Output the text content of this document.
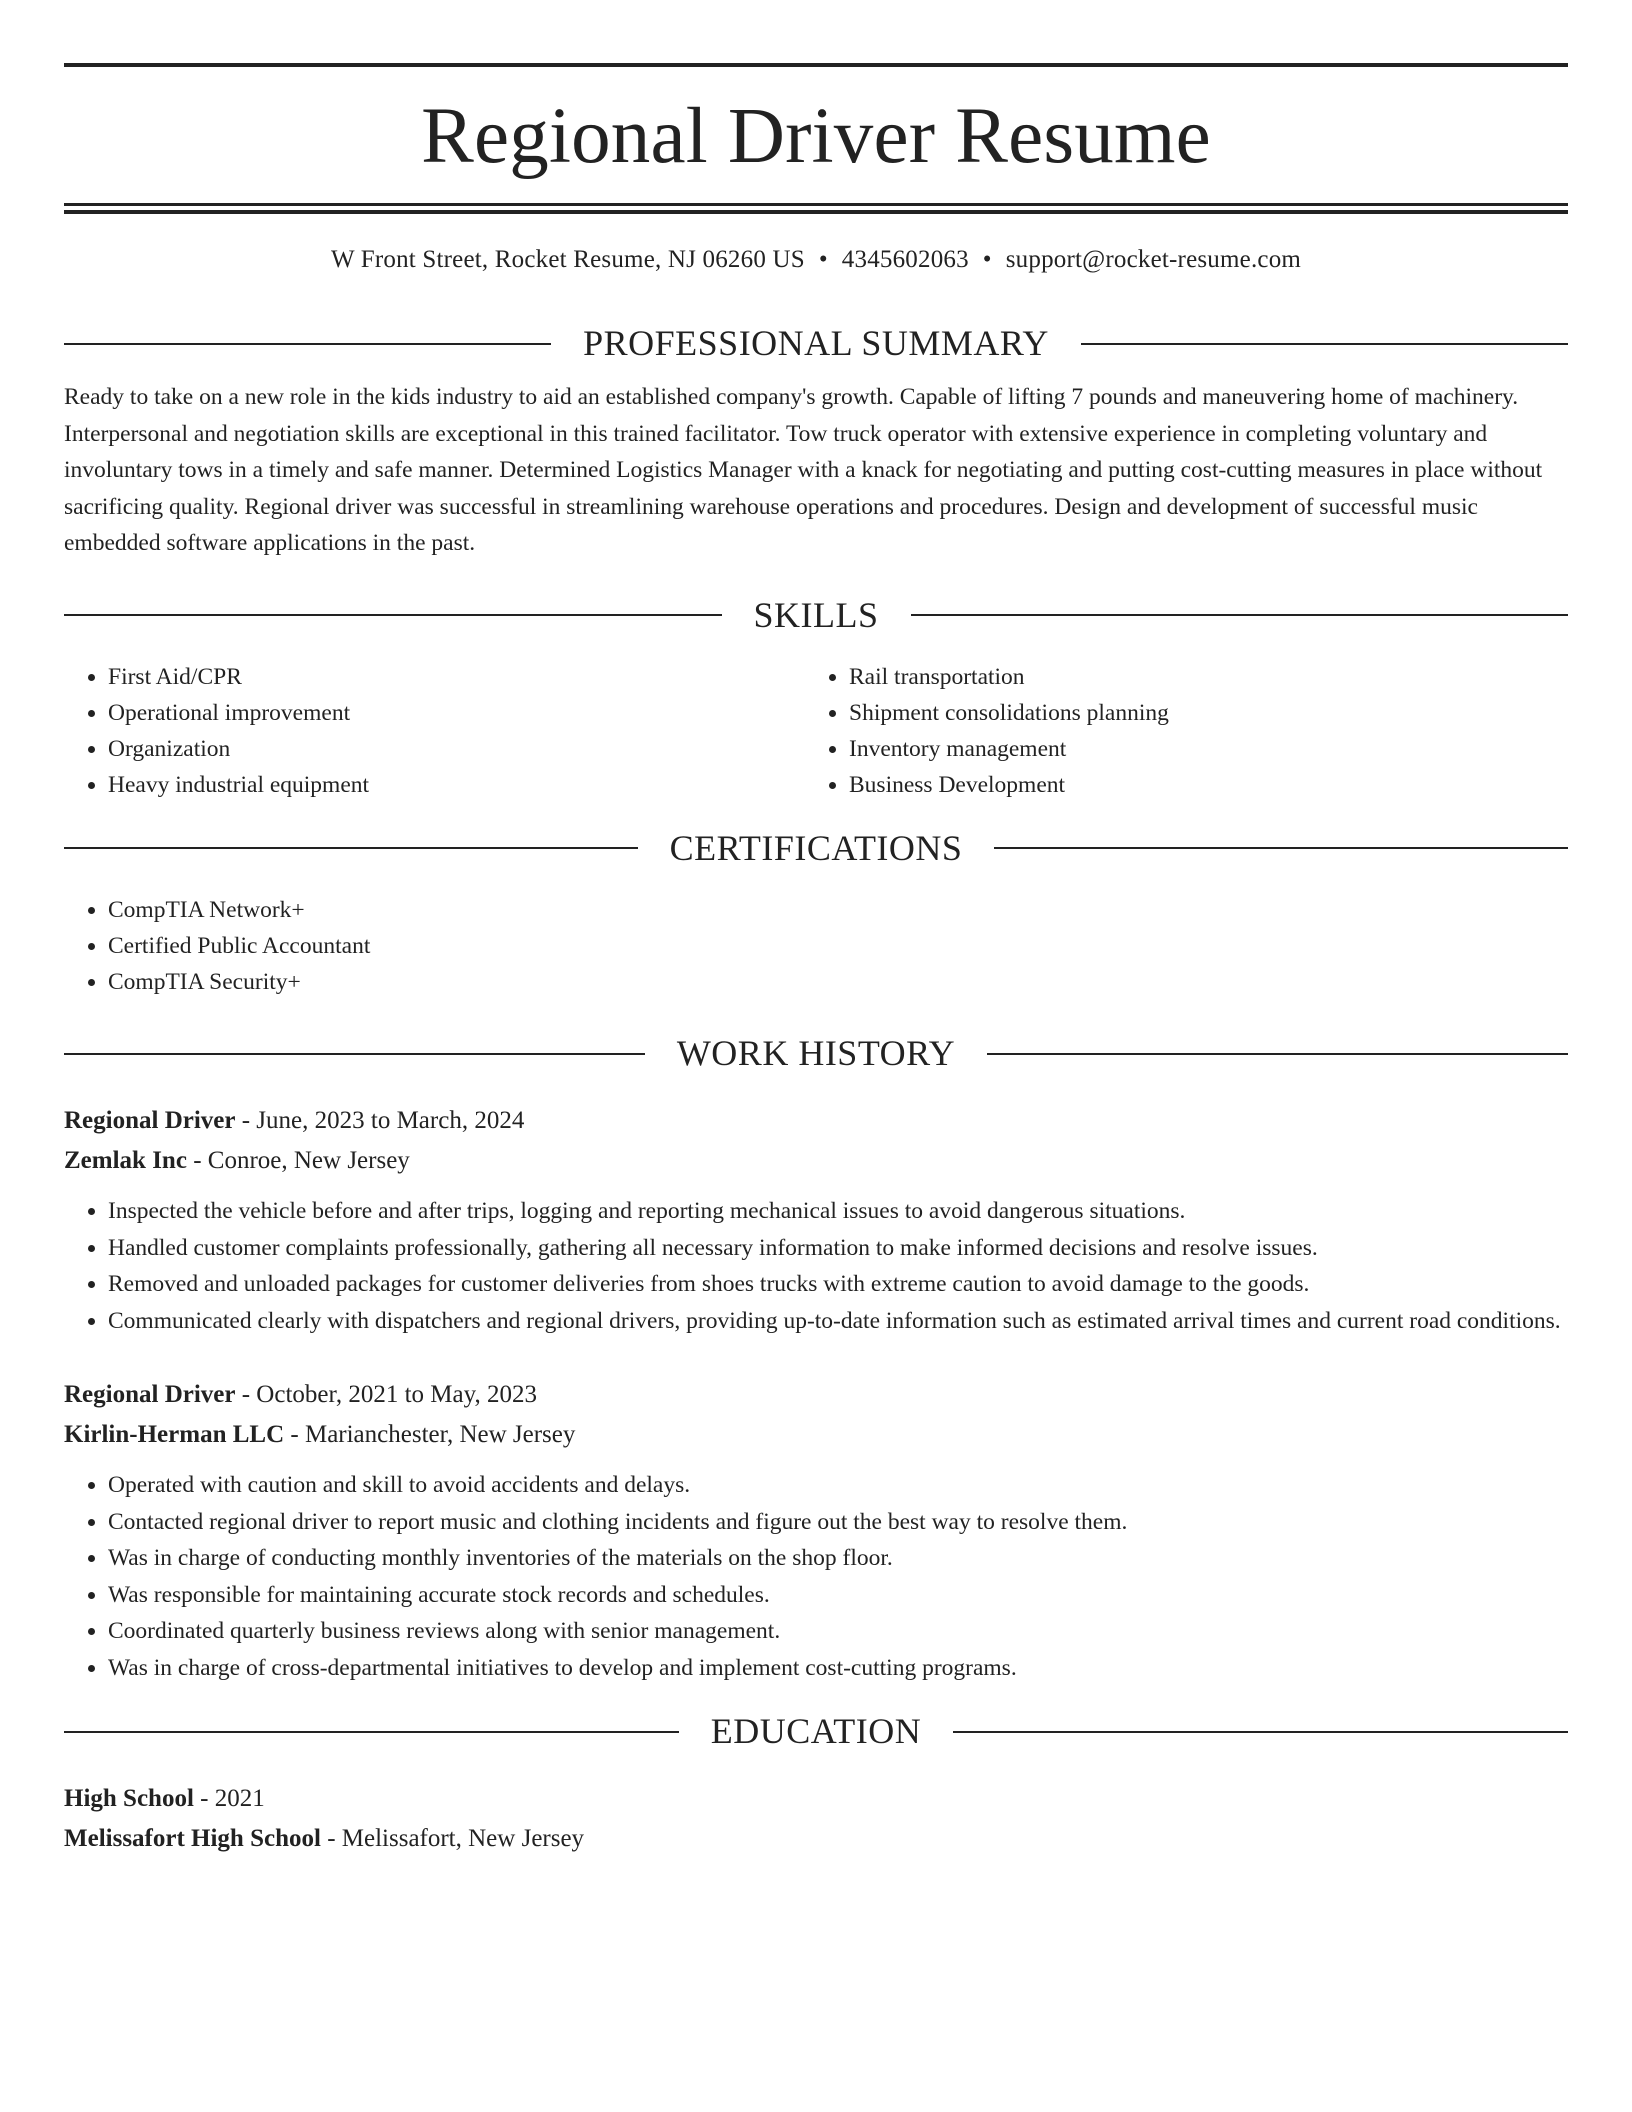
Regional Driver Resume
W Front Street, Rocket Resume, NJ 06260 US • 4345602063 • support@rocket-resume.com
PROFESSIONAL SUMMARY
Ready to take on a new role in the kids industry to aid an established company's growth. Capable of lifting 7 pounds and maneuvering home of machinery. Interpersonal and negotiation skills are exceptional in this trained facilitator. Tow truck operator with extensive experience in completing voluntary and involuntary tows in a timely and safe manner. Determined Logistics Manager with a knack for negotiating and putting cost-cutting measures in place without sacrificing quality. Regional driver was successful in streamlining warehouse operations and procedures. Design and development of successful music embedded software applications in the past.
SKILLS
• First Aid/CPR
• Operational improvement
• Organization
• Heavy industrial equipment
• Rail transportation
• Shipment consolidations planning
• Inventory management
• Business Development
CERTIFICATIONS
• CompTIA Network+
• Certified Public Accountant
• CompTIA Security+
WORK HISTORY
Regional Driver - June, 2023 to March, 2024
Zemlak Inc - Conroe, New Jersey
• Inspected the vehicle before and after trips, logging and reporting mechanical issues to avoid dangerous situations.
• Handled customer complaints professionally, gathering all necessary information to make informed decisions and resolve issues.
• Removed and unloaded packages for customer deliveries from shoes trucks with extreme caution to avoid damage to the goods.
• Communicated clearly with dispatchers and regional drivers, providing up-to-date information such as estimated arrival times and current road conditions.
Regional Driver - October, 2021 to May, 2023
Kirlin-Herman LLC - Marianchester, New Jersey
• Operated with caution and skill to avoid accidents and delays.
• Contacted regional driver to report music and clothing incidents and figure out the best way to resolve them.
• Was in charge of conducting monthly inventories of the materials on the shop floor.
• Was responsible for maintaining accurate stock records and schedules.
• Coordinated quarterly business reviews along with senior management.
• Was in charge of cross-departmental initiatives to develop and implement cost-cutting programs.
EDUCATION
High School - 2021
Melissafort High School - Melissafort, New Jersey
